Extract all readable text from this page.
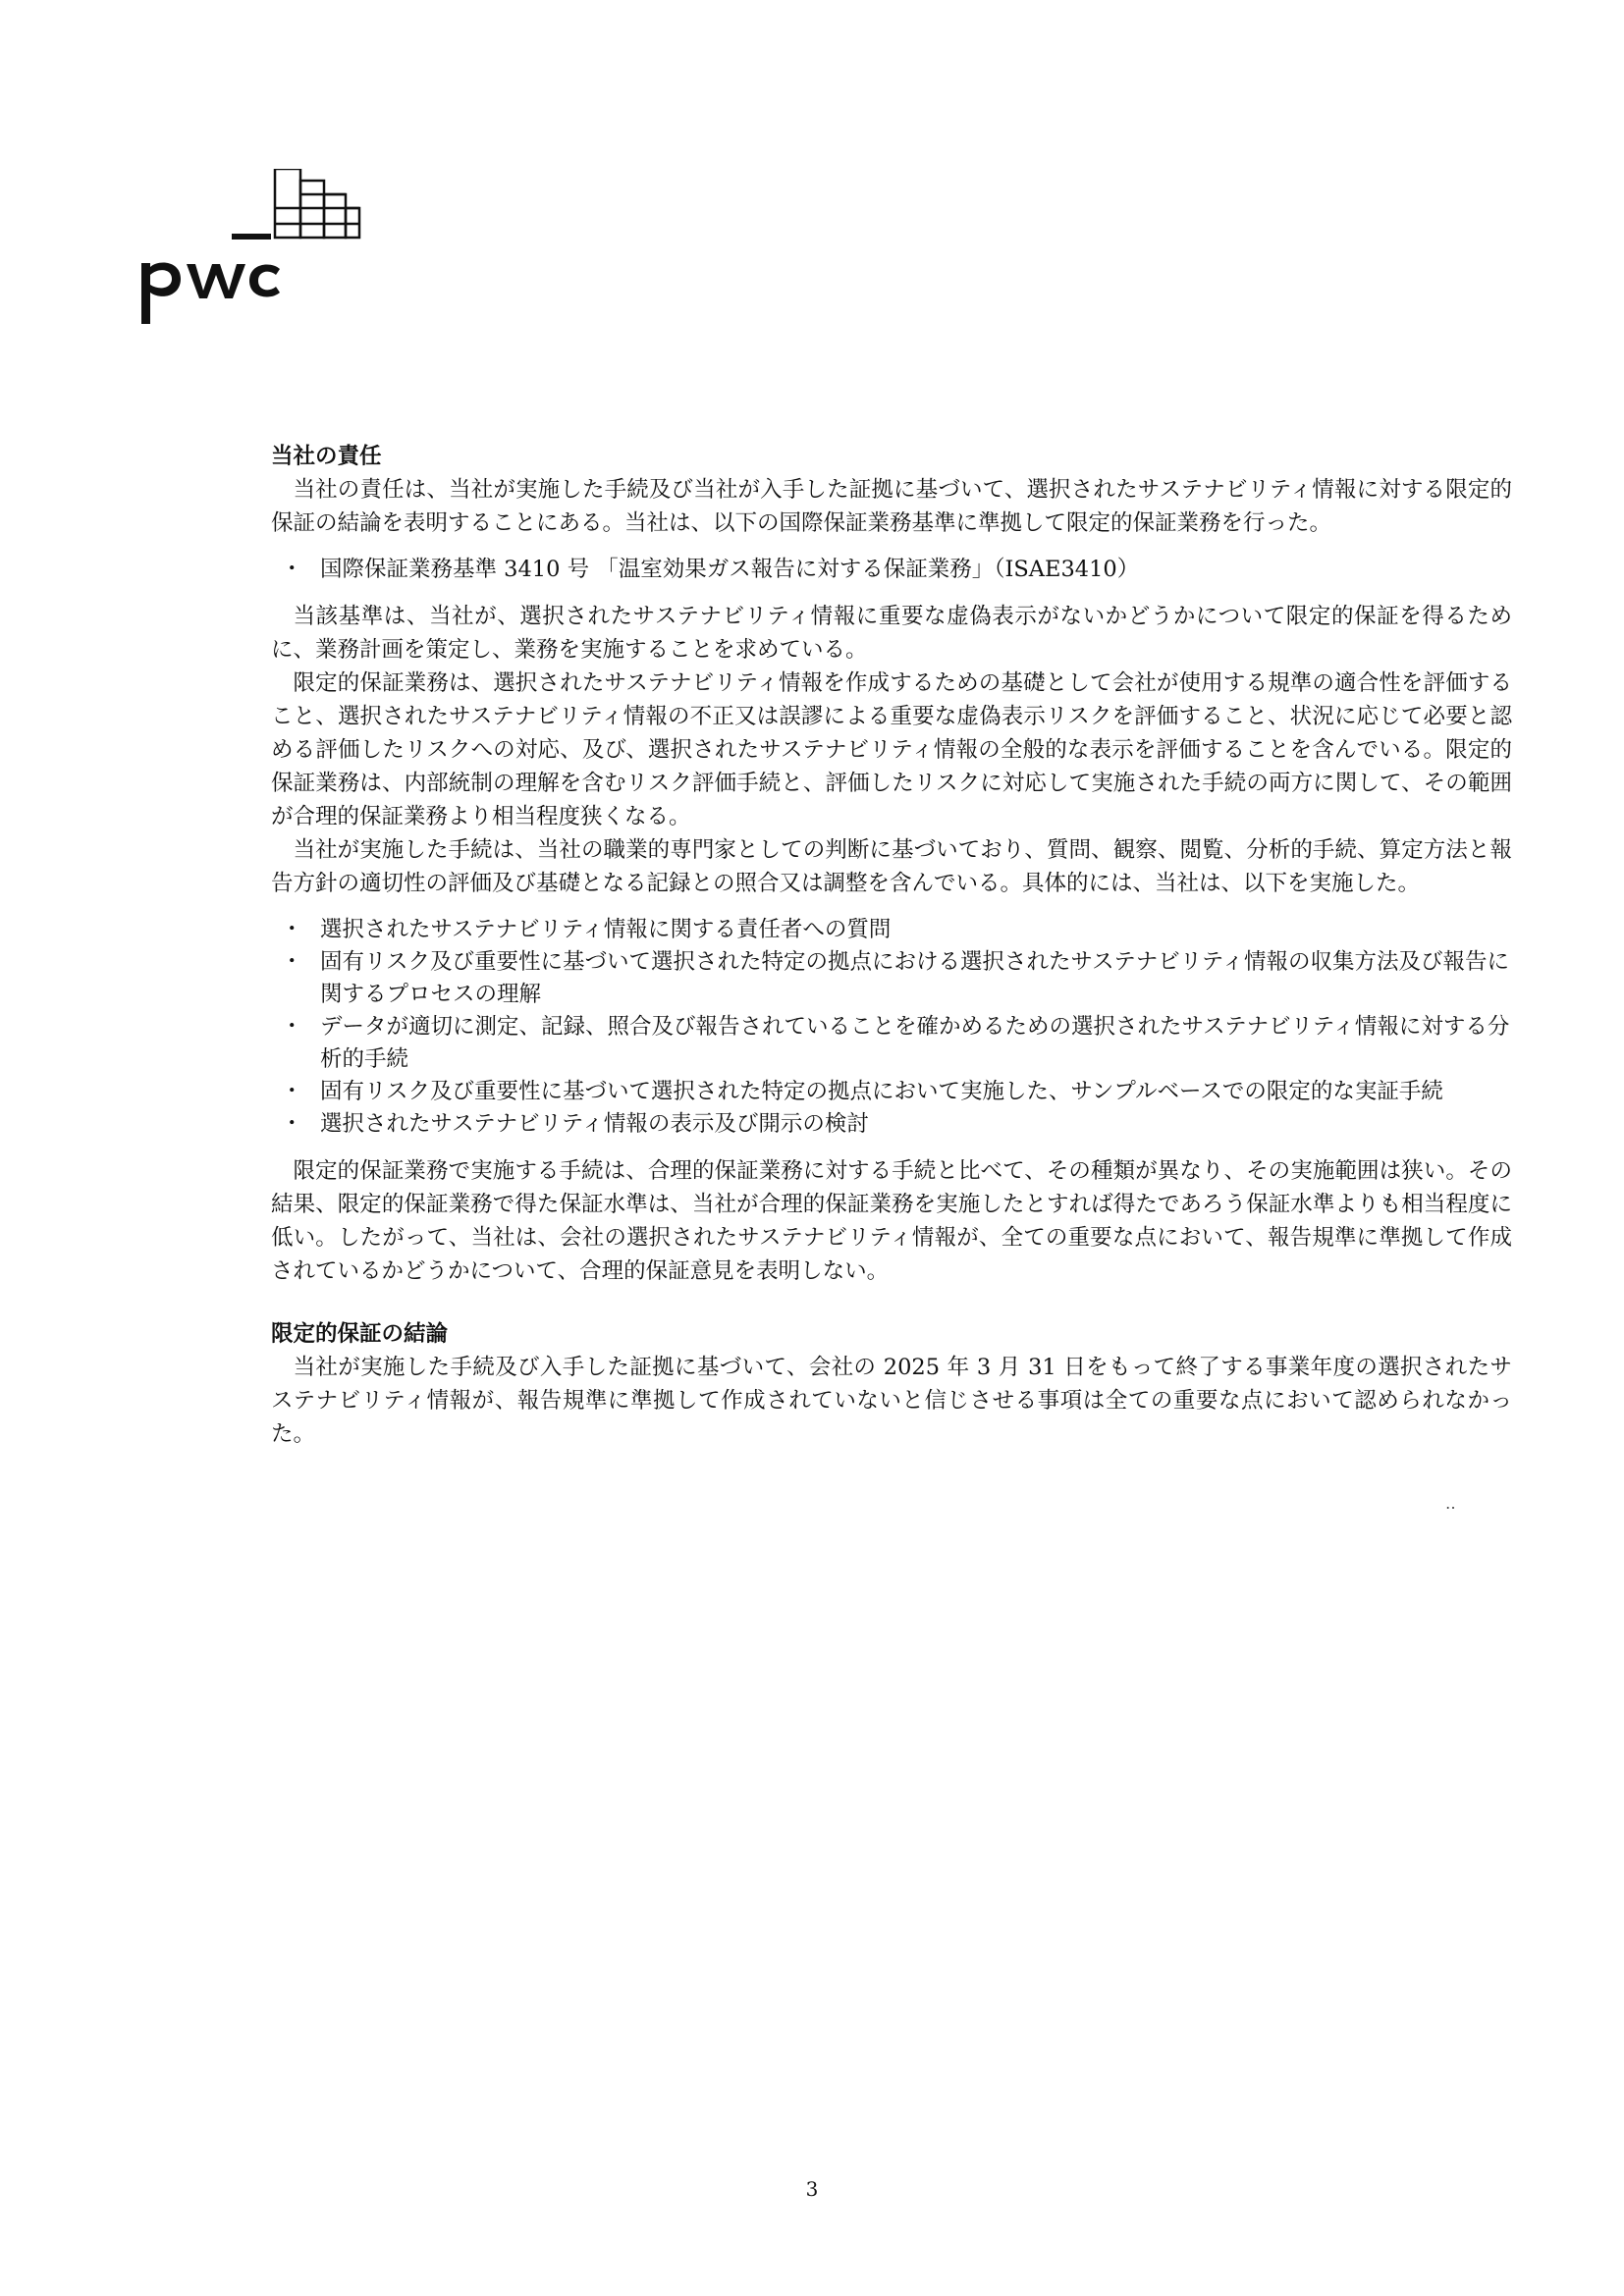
当社の責任

当社の責任は、当社が実施した手続及び当社が入手した証拠に基づいて、選択されたサステナビリティ情報に対する限定的保証の結論を表明することにある。当社は、以下の国際保証業務基準に準拠して限定的保証業務を行った。

・ 国際保証業務基準 3410 号 「温室効果ガス報告に対する保証業務」（ISAE3410）

当該基準は、当社が、選択されたサステナビリティ情報に重要な虚偽表示がないかどうかについて限定的保証を得るために、業務計画を策定し、業務を実施することを求めている。

限定的保証業務は、選択されたサステナビリティ情報を作成するための基礎として会社が使用する規準の適合性を評価すること、選択されたサステナビリティ情報の不正又は誤謬による重要な虚偽表示リスクを評価すること、状況に応じて必要と認める評価したリスクへの対応、及び、選択されたサステナビリティ情報の全般的な表示を評価することを含んでいる。限定的保証業務は、内部統制の理解を含むリスク評価手続と、評価したリスクに対応して実施された手続の両方に関して、その範囲が合理的保証業務より相当程度狭くなる。

当社が実施した手続は、当社の職業的専門家としての判断に基づいており、質問、観察、閲覧、分析的手続、算定方法と報告方針の適切性の評価及び基礎となる記録との照合又は調整を含んでいる。具体的には、当社は、以下を実施した。

・ 選択されたサステナビリティ情報に関する責任者への質問
・ 固有リスク及び重要性に基づいて選択された特定の拠点における選択されたサステナビリティ情報の収集方法及び報告に関するプロセスの理解
・ データが適切に測定、記録、照合及び報告されていることを確かめるための選択されたサステナビリティ情報に対する分析的手続
・ 固有リスク及び重要性に基づいて選択された特定の拠点において実施した、サンプルベースでの限定的な実証手続
・ 選択されたサステナビリティ情報の表示及び開示の検討

限定的保証業務で実施する手続は、合理的保証業務に対する手続と比べて、その種類が異なり、その実施範囲は狭い。その結果、限定的保証業務で得た保証水準は、当社が合理的保証業務を実施したとすれば得たであろう保証水準よりも相当程度に低い。したがって、当社は、会社の選択されたサステナビリティ情報が、全ての重要な点において、報告規準に準拠して作成されているかどうかについて、合理的保証意見を表明しない。

限定的保証の結論

当社が実施した手続及び入手した証拠に基づいて、会社の 2025 年 3 月 31 日をもって終了する事業年度の選択されたサステナビリティ情報が、報告規準に準拠して作成されていないと信じさせる事項は全ての重要な点において認められなかった。

‥
3
